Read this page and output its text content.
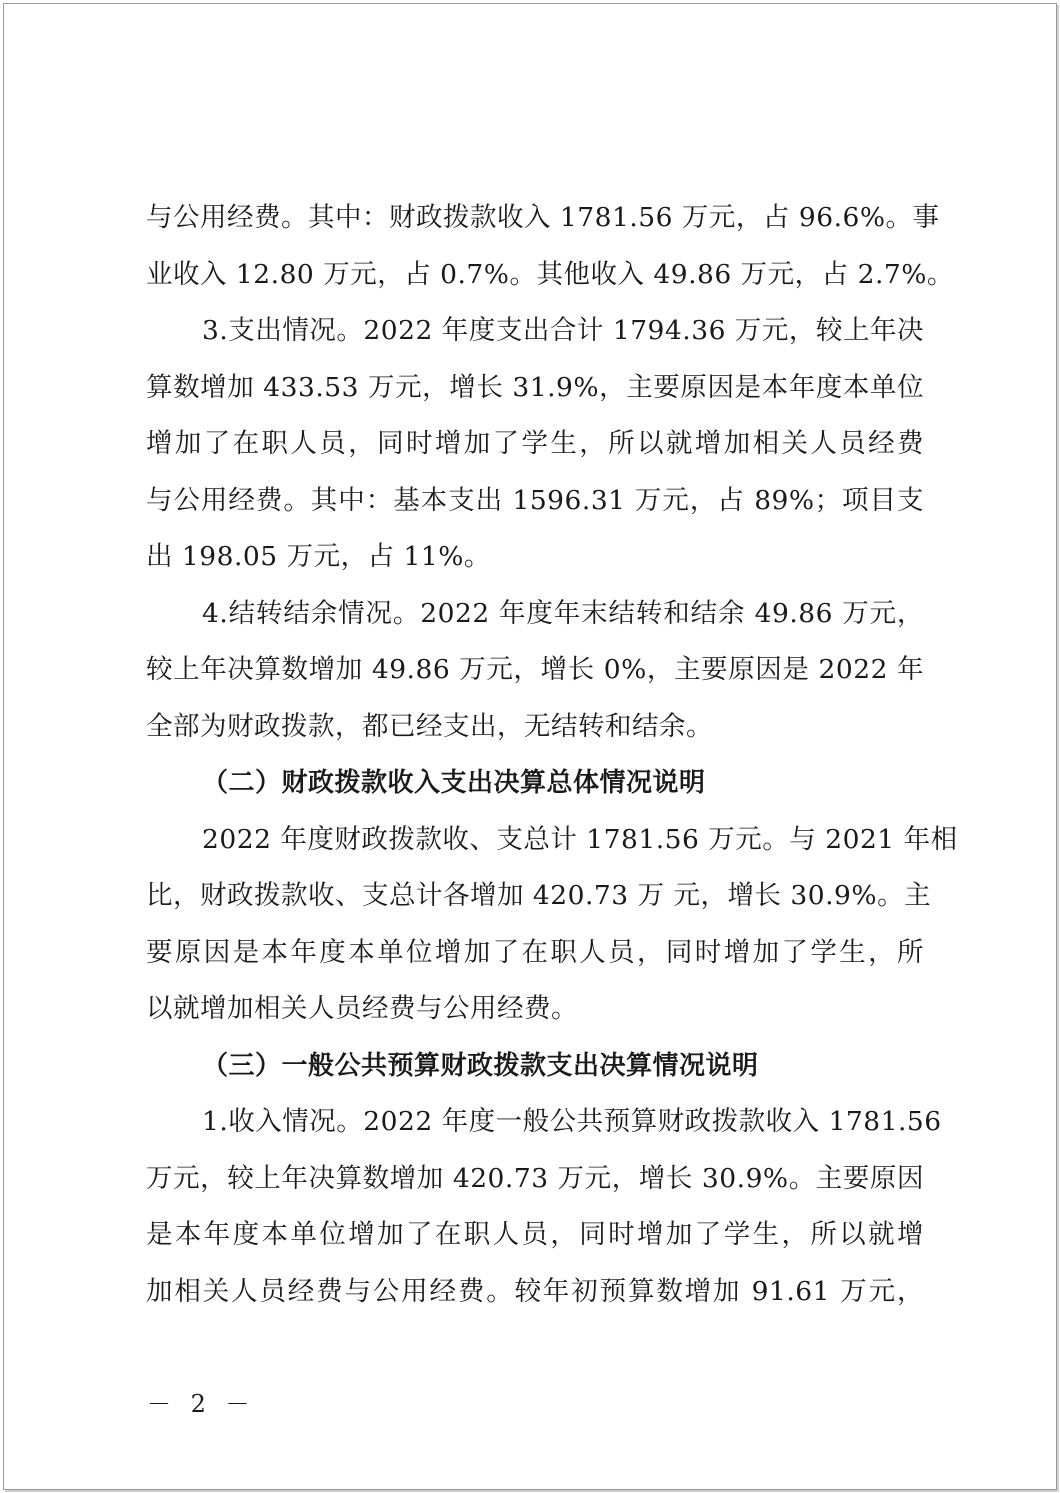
与公用经费。其中：财政拨款收入 1781.56 万元，占 96.6%。事
业收入 12.80 万元，占 0.7%。其他收入 49.86 万元，占 2.7%。
3.支出情况。2022 年度支出合计 1794.36 万元，较上年决
算数增加 433.53 万元，增长 31.9%，主要原因是本年度本单位
增加了在职人员，同时增加了学生，所以就增加相关人员经费
与公用经费。其中：基本支出 1596.31 万元，占 89%；项目支
出 198.05 万元，占 11%。
4.结转结余情况。2022 年度年末结转和结余 49.86 万元，
较上年决算数增加 49.86 万元，增长 0%，主要原因是 2022 年
全部为财政拨款，都已经支出，无结转和结余。
（二）财政拨款收入支出决算总体情况说明
2022 年度财政拨款收、支总计 1781.56 万元。与 2021 年相
比，财政拨款收、支总计各增加 420.73 万 元，增长 30.9%。主
要原因是本年度本单位增加了在职人员，同时增加了学生，所
以就增加相关人员经费与公用经费。
（三）一般公共预算财政拨款支出决算情况说明
1.收入情况。2022 年度一般公共预算财政拨款收入 1781.56
万元，较上年决算数增加 420.73 万元，增长 30.9%。主要原因
是本年度本单位增加了在职人员，同时增加了学生，所以就增
加相关人员经费与公用经费。较年初预算数增加 91.61 万元，
－ 2 －
